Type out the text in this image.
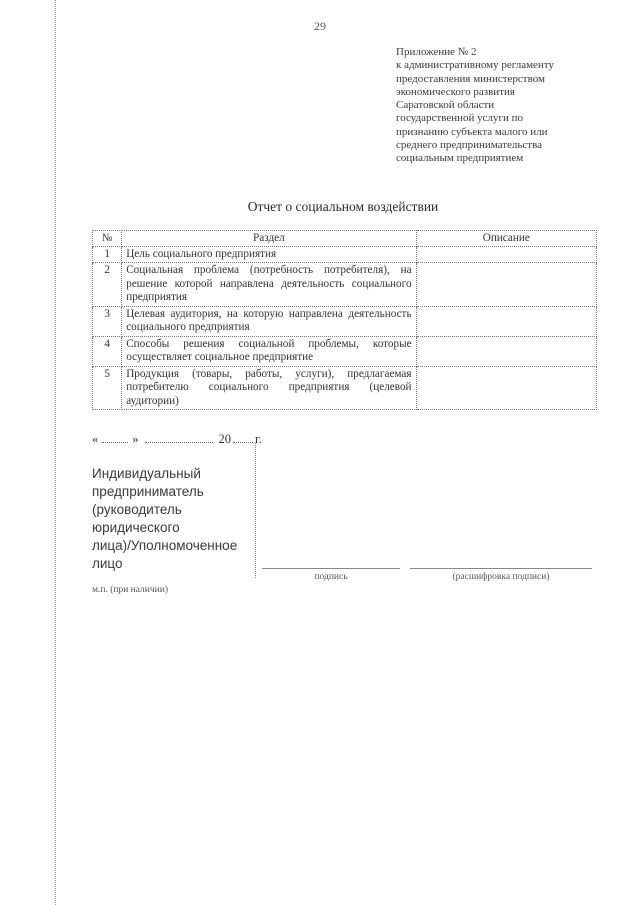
29
Приложение № 2
к административному регламенту
предоставления министерством
экономического развития
Саратовской области
государственной услуги по
признанию субъекта малого или
среднего предпринимательства
социальным предприятием
Отчет о социальном воздействии
№	Раздел	Описание
1	Цель социального предприятия	
2	Социальная проблема (потребность потребителя), на решение которой направлена деятельность социального предприятия	
3	Целевая аудитория, на которую направлена деятельность социального предприятия	
4	Способы решения социальной проблемы, которые осуществляет социальное предприятие	
5	Продукция (товары, работы, услуги), предлагаемая потребителю социального предприятия (целевой аудитории)	
«	»	20 г.
Индивидуальный
предприниматель
(руководитель
юридического
лица)/Уполномоченное
лицо
подпись	(расшифровка подписи)
м.п. (при наличии)
